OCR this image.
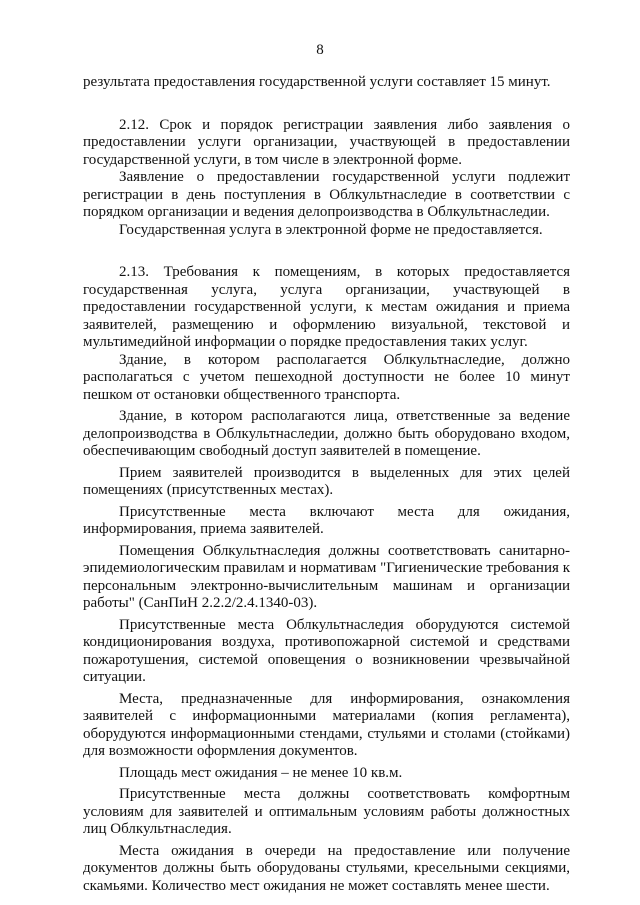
8

результата предоставления государственной услуги составляет 15 минут.

2.12. Срок и порядок регистрации заявления либо заявления о предоставлении услуги организации, участвующей в предоставлении государственной услуги, в том числе в электронной форме.

Заявление о предоставлении государственной услуги подлежит регистрации в день поступления в Облкультнаследие в соответствии с порядком организации и ведения делопроизводства в Облкультнаследии.

Государственная услуга в электронной форме не предоставляется.

2.13. Требования к помещениям, в которых предоставляется государственная услуга, услуга организации, участвующей в предоставлении государственной услуги, к местам ожидания и приема заявителей, размещению и оформлению визуальной, текстовой и мультимедийной информации о порядке предоставления таких услуг.

Здание, в котором располагается Облкультнаследие, должно располагаться с учетом пешеходной доступности не более 10 минут пешком от остановки общественного транспорта.

Здание, в котором располагаются лица, ответственные за ведение делопроизводства в Облкультнаследии, должно быть оборудовано входом, обеспечивающим свободный доступ заявителей в помещение.

Прием заявителей производится в выделенных для этих целей помещениях (присутственных местах).

Присутственные места включают места для ожидания, информирования, приема заявителей.

Помещения Облкультнаследия должны соответствовать санитарно-эпидемиологическим правилам и нормативам "Гигиенические требования к персональным электронно-вычислительным машинам и организации работы" (СанПиН 2.2.2/2.4.1340-03).

Присутственные места Облкультнаследия оборудуются системой кондиционирования воздуха, противопожарной системой и средствами пожаротушения, системой оповещения о возникновении чрезвычайной ситуации.

Места, предназначенные для информирования, ознакомления заявителей с информационными материалами (копия регламента), оборудуются информационными стендами, стульями и столами (стойками) для возможности оформления документов.

Площадь мест ожидания – не менее 10 кв.м.

Присутственные места должны соответствовать комфортным условиям для заявителей и оптимальным условиям работы должностных лиц Облкультнаследия.

Места ожидания в очереди на предоставление или получение документов должны быть оборудованы стульями, кресельными секциями, скамьями. Количество мест ожидания не может составлять менее шести.
